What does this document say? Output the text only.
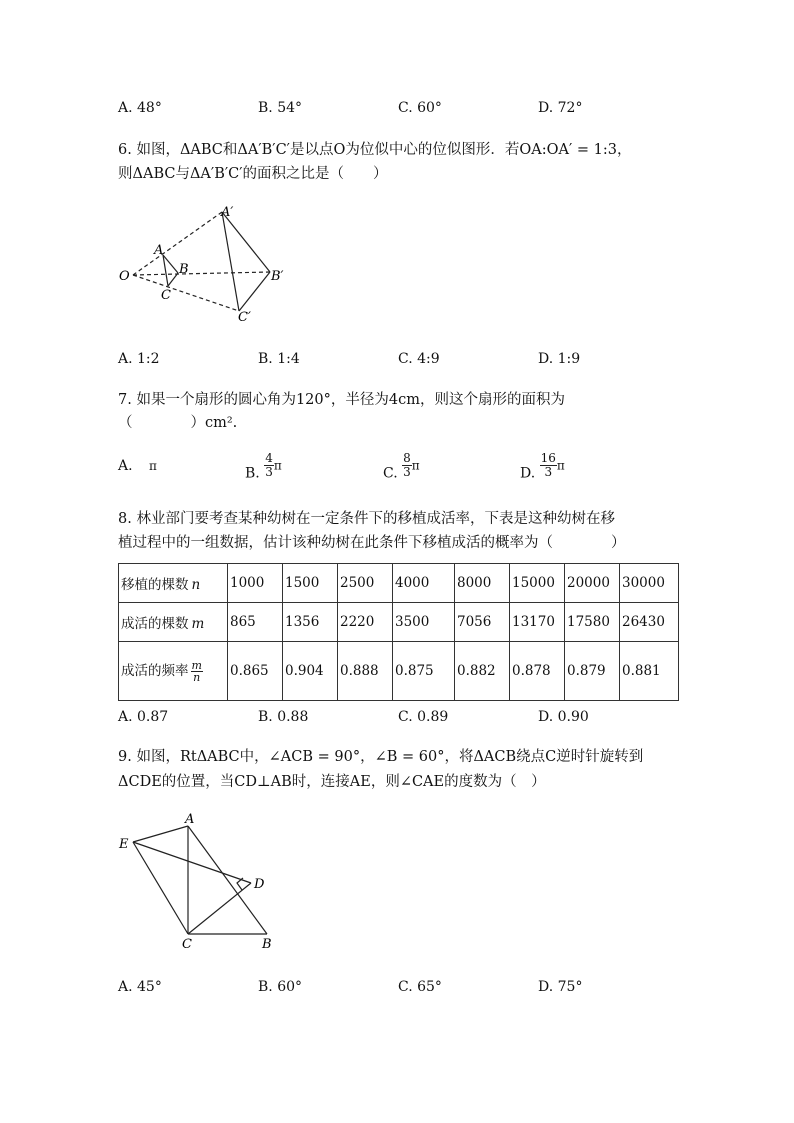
A. 48°	B. 54°	C. 60°	D. 72°
6. 如图，ΔABC和ΔA′B′C′是以点O为位似中心的位似图形．若OA:OA′ = 1:3，
则ΔABC与ΔA′B′C′的面积之比是（　　）
A′
A
B
O	B′
C
C′
A. 1:2	B. 1:4	C. 4:9	D. 1:9
7. 如果一个扇形的圆心角为120°，半径为4cm，则这个扇形的面积为
（　　　　）cm².
A. π	B. $\frac{4}{3}$ π	C. $\frac{8}{3}$ π	D. $\frac{16}{3}$ π
8. 林业部门要考查某种幼树在一定条件下的移植成活率，下表是这种幼树在移
植过程中的一组数据，估计该种幼树在此条件下移植成活的概率为（　　　　）
移植的棵数 n	1000	1500	2500	4000	8000	15000	20000	30000
成活的棵数 m	865	1356	2220	3500	7056	13170	17580	26430
成活的频率 $\frac{m}{n}$	0.865	0.904	0.888	0.875	0.882	0.878	0.879	0.881
A. 0.87	B. 0.88	C. 0.89	D. 0.90
9. 如图，RtΔABC中，∠ACB = 90°，∠B = 60°，将ΔACB绕点C逆时针旋转到
ΔCDE的位置，当CD⊥AB时，连接AE，则∠CAE的度数为（　）
A
E
D
C	B
A. 45°	B. 60°	C. 65°	D. 75°
